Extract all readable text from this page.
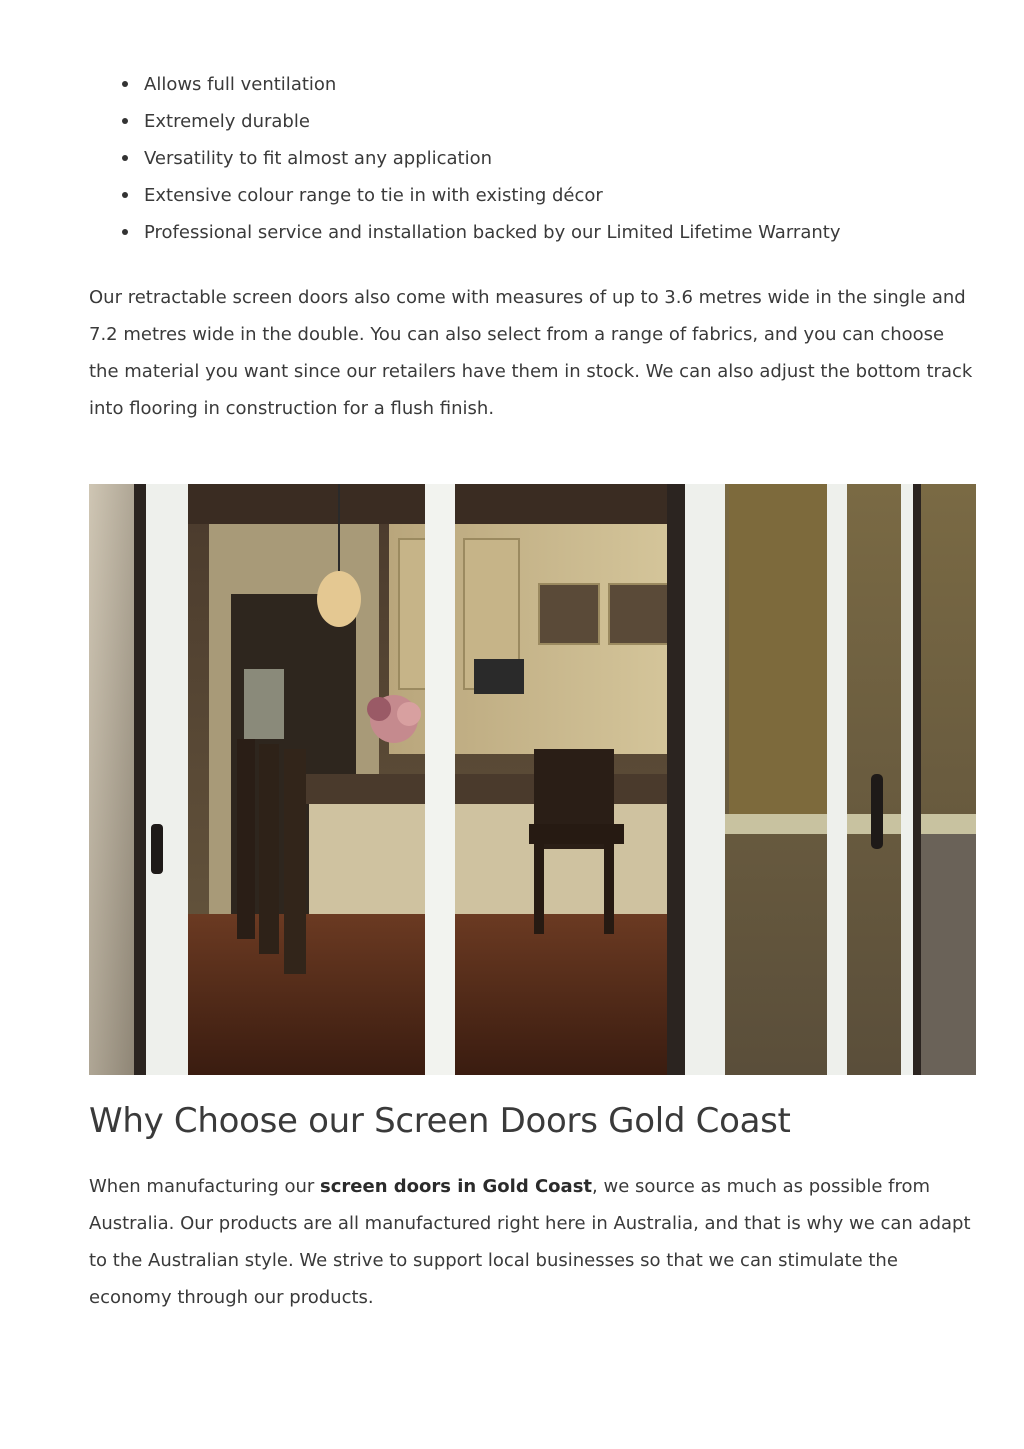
Allows full ventilation
Extremely durable
Versatility to fit almost any application
Extensive colour range to tie in with existing décor
Professional service and installation backed by our Limited Lifetime Warranty

Our retractable screen doors also come with measures of up to 3.6 metres wide in the single and 7.2 metres wide in the double. You can also select from a range of fabrics, and you can choose the material you want since our retailers have them in stock. We can also adjust the bottom track into flooring in construction for a flush finish.

Why Choose our Screen Doors Gold Coast

When manufacturing our screen doors in Gold Coast, we source as much as possible from Australia. Our products are all manufactured right here in Australia, and that is why we can adapt to the Australian style. We strive to support local businesses so that we can stimulate the economy through our products.
